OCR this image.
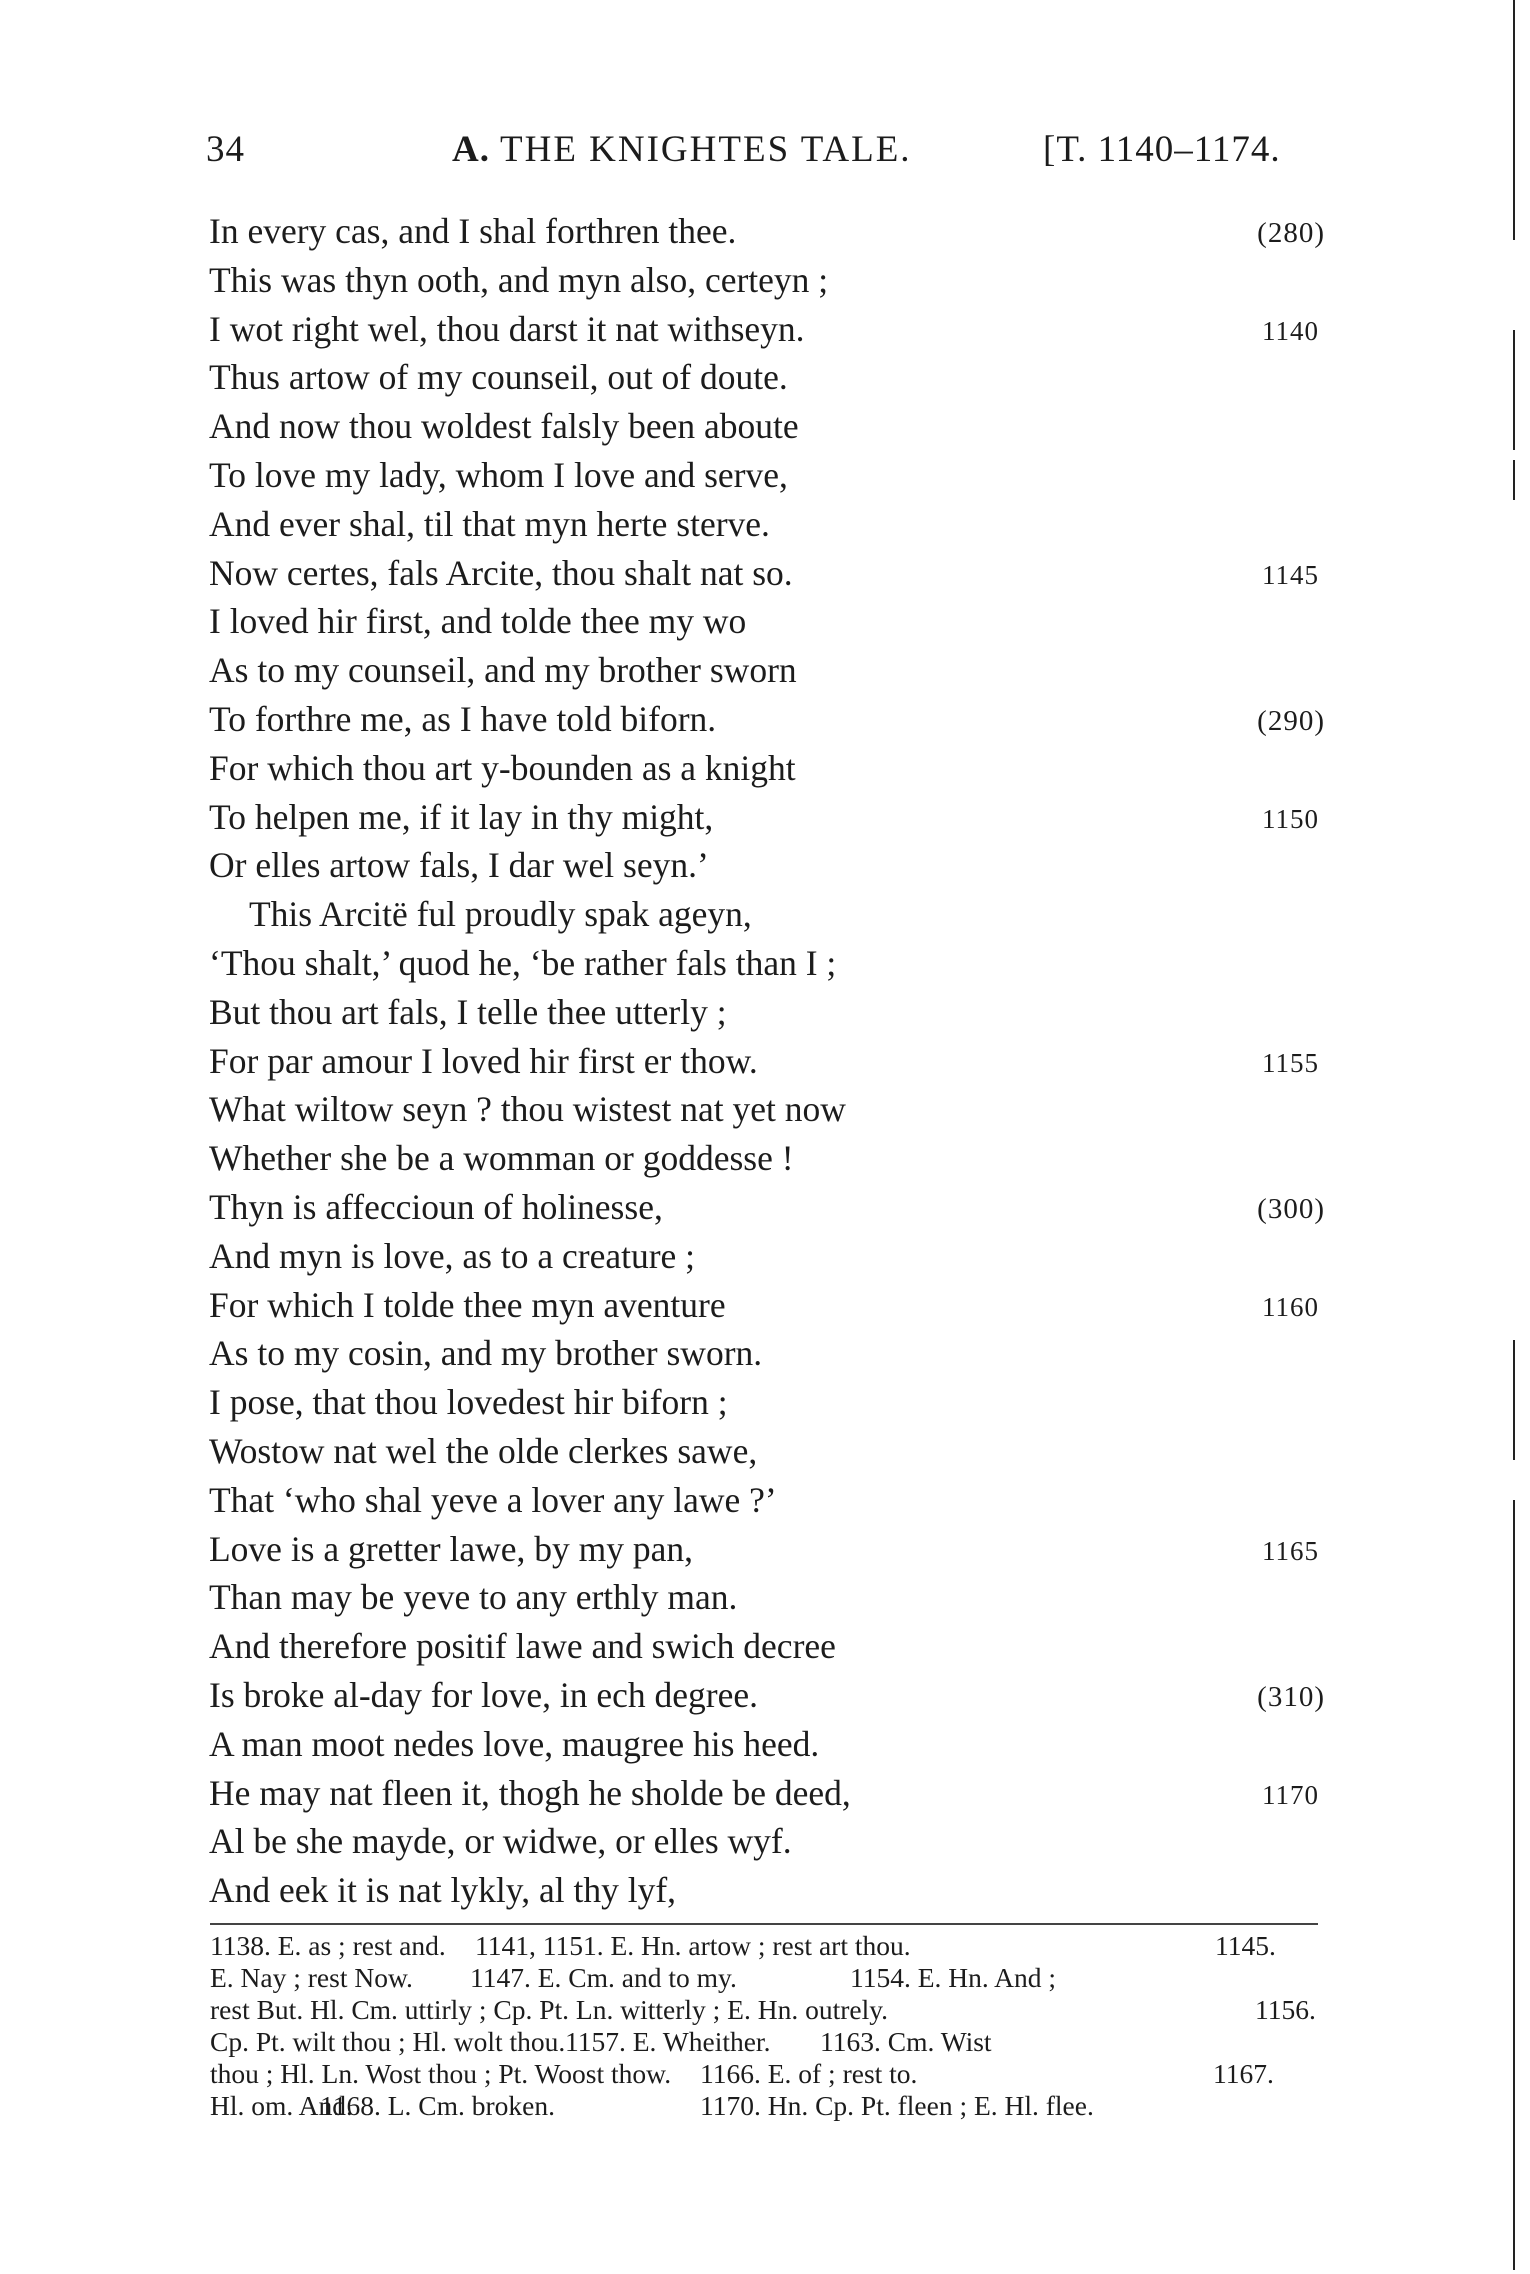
34	A. THE KNIGHTES TALE.	[T. 1140–1174.
In every cas, and I shal forthren thee.	(280)
This was thyn ooth, and myn also, certeyn ;
I wot right wel, thou darst it nat withseyn.	1140
Thus artow of my counseil, out of doute.
And now thou woldest falsly been aboute
To love my lady, whom I love and serve,
And ever shal, til that myn herte sterve.
Now certes, fals Arcite, thou shalt nat so.	1145
I loved hir first, and tolde thee my wo
As to my counseil, and my brother sworn
To forthre me, as I have told biforn.	(290)
For which thou art y-bounden as a knight
To helpen me, if it lay in thy might,	1150
Or elles artow fals, I dar wel seyn.’
This Arcitë ful proudly spak ageyn,
‘Thou shalt,’ quod he, ‘be rather fals than I ;
But thou art fals, I telle thee utterly ;
For par amour I loved hir first er thow.	1155
What wiltow seyn ? thou wistest nat yet now
Whether she be a womman or goddesse !
Thyn is affeccioun of holinesse,	(300)
And myn is love, as to a creature ;
For which I tolde thee myn aventure	1160
As to my cosin, and my brother sworn.
I pose, that thou lovedest hir biforn ;
Wostow nat wel the olde clerkes sawe,
That ‘who shal yeve a lover any lawe ?’
Love is a gretter lawe, by my pan,	1165
Than may be yeve to any erthly man.
And therefore positif lawe and swich decree
Is broke al-day for love, in ech degree.	(310)
A man moot nedes love, maugree his heed.
He may nat fleen it, thogh he sholde be deed,	1170
Al be she mayde, or widwe, or elles wyf.
And eek it is nat lykly, al thy lyf,
1138. E. as ; rest and. 1141, 1151. E. Hn. artow ; rest art thou.	1145.
E. Nay ; rest Now. 1147. E. Cm. and to my.	1154. E. Hn. And ;
rest But. Hl. Cm. uttirly ; Cp. Pt. Ln. witterly ; E. Hn. outrely.	1156.
Cp. Pt. wilt thou ; Hl. wolt thou. 1157. E. Wheither. 1163. Cm. Wist
thou ; Hl. Ln. Wost thou ; Pt. Woost thow. 1166. E. of ; rest to.	1167.
Hl. om. And.
1168. L. Cm. broken.	1170. Hn. Cp. Pt. fleen ; E. Hl. flee.
